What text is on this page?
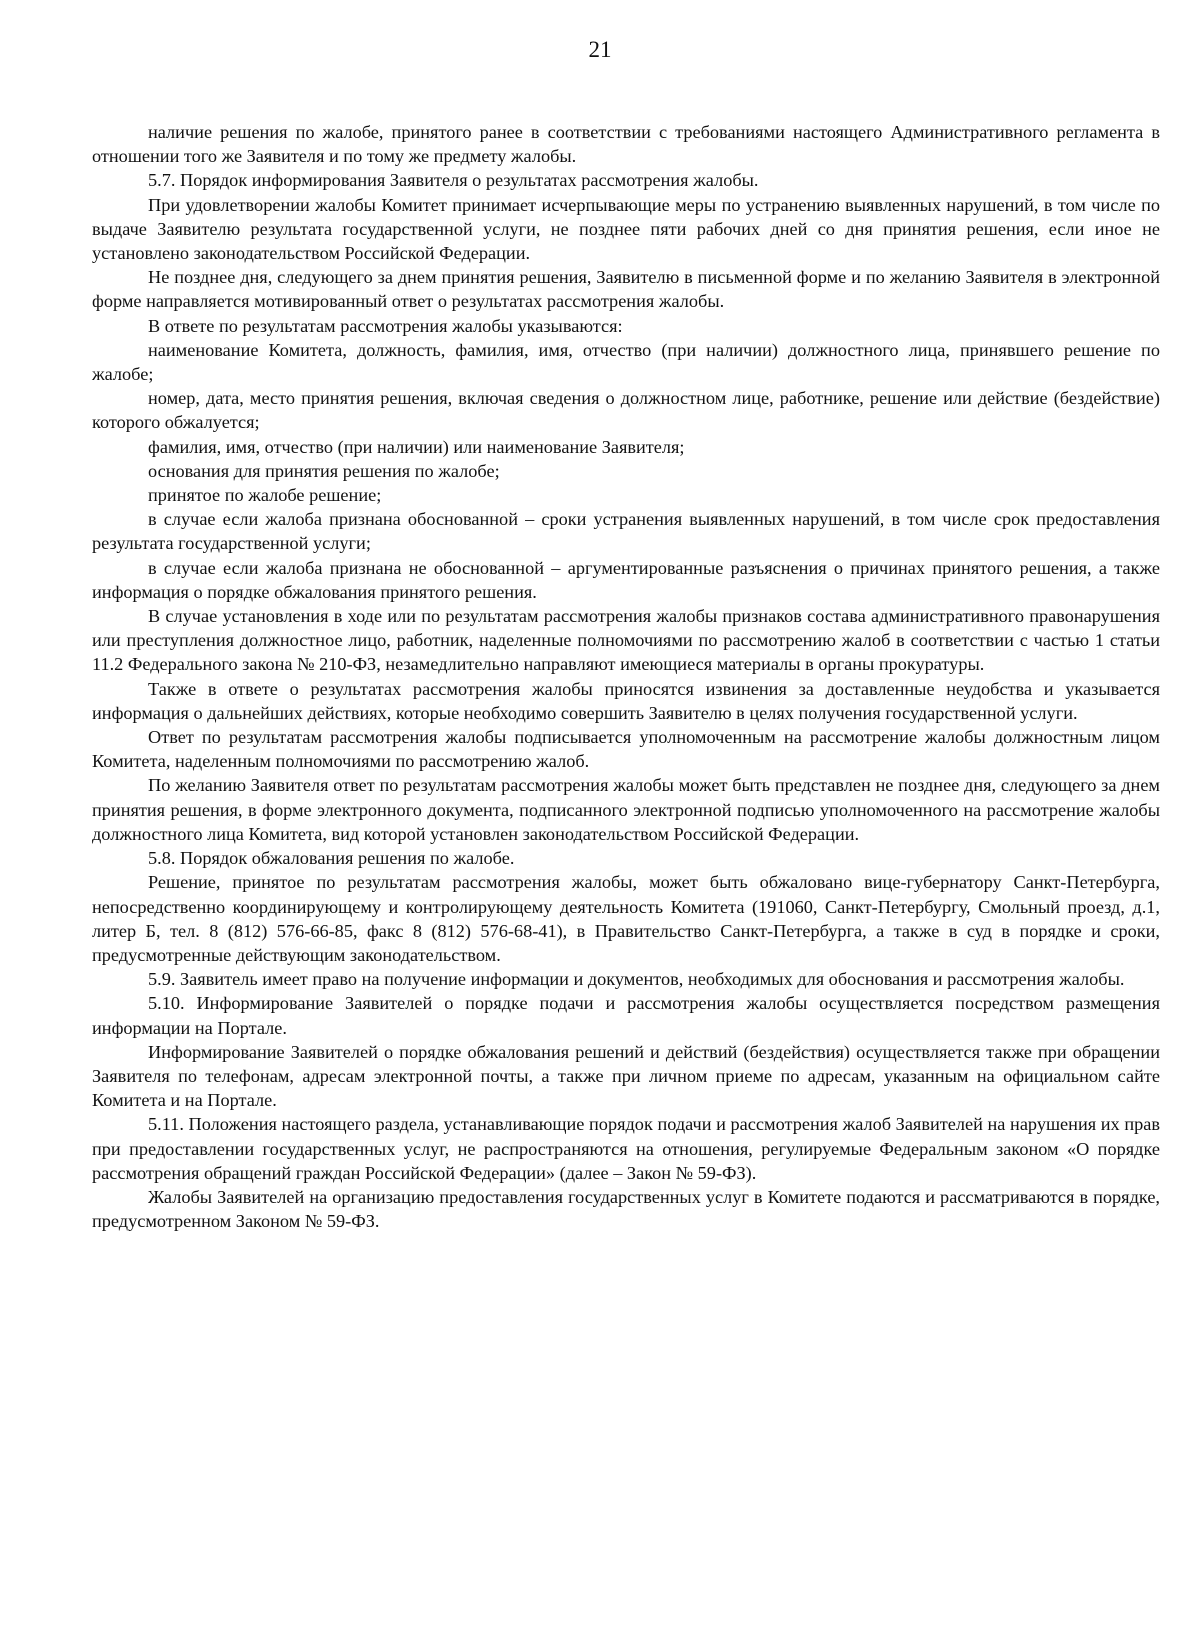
21

наличие решения по жалобе, принятого ранее в соответствии с требованиями настоящего Административного регламента в отношении того же Заявителя и по тому же предмету жалобы.

5.7. Порядок информирования Заявителя о результатах рассмотрения жалобы.

При удовлетворении жалобы Комитет принимает исчерпывающие меры по устранению выявленных нарушений, в том числе по выдаче Заявителю результата государственной услуги, не позднее пяти рабочих дней со дня принятия решения, если иное не установлено законодательством Российской Федерации.

Не позднее дня, следующего за днем принятия решения, Заявителю в письменной форме и по желанию Заявителя в электронной форме направляется мотивированный ответ о результатах рассмотрения жалобы.

В ответе по результатам рассмотрения жалобы указываются:

наименование Комитета, должность, фамилия, имя, отчество (при наличии) должностного лица, принявшего решение по жалобе;

номер, дата, место принятия решения, включая сведения о должностном лице, работнике, решение или действие (бездействие) которого обжалуется;

фамилия, имя, отчество (при наличии) или наименование Заявителя;

основания для принятия решения по жалобе;

принятое по жалобе решение;

в случае если жалоба признана обоснованной – сроки устранения выявленных нарушений, в том числе срок предоставления результата государственной услуги;

в случае если жалоба признана не обоснованной – аргументированные разъяснения о причинах принятого решения, а также информация о порядке обжалования принятого решения.

В случае установления в ходе или по результатам рассмотрения жалобы признаков состава административного правонарушения или преступления должностное лицо, работник, наделенные полномочиями по рассмотрению жалоб в соответствии с частью 1 статьи 11.2 Федерального закона № 210-ФЗ, незамедлительно направляют имеющиеся материалы в органы прокуратуры.

Также в ответе о результатах рассмотрения жалобы приносятся извинения за доставленные неудобства и указывается информация о дальнейших действиях, которые необходимо совершить Заявителю в целях получения государственной услуги.

Ответ по результатам рассмотрения жалобы подписывается уполномоченным на рассмотрение жалобы должностным лицом Комитета, наделенным полномочиями по рассмотрению жалоб.

По желанию Заявителя ответ по результатам рассмотрения жалобы может быть представлен не позднее дня, следующего за днем принятия решения, в форме электронного документа, подписанного электронной подписью уполномоченного на рассмотрение жалобы должностного лица Комитета, вид которой установлен законодательством Российской Федерации.

5.8. Порядок обжалования решения по жалобе.

Решение, принятое по результатам рассмотрения жалобы, может быть обжаловано вице-губернатору Санкт-Петербурга, непосредственно координирующему и контролирующему деятельность Комитета (191060, Санкт-Петербургу, Смольный проезд, д.1, литер Б, тел. 8 (812) 576-66-85, факс 8 (812) 576-68-41), в Правительство Санкт-Петербурга, а также в суд в порядке и сроки, предусмотренные действующим законодательством.

5.9. Заявитель имеет право на получение информации и документов, необходимых для обоснования и рассмотрения жалобы.

5.10. Информирование Заявителей о порядке подачи и рассмотрения жалобы осуществляется посредством размещения информации на Портале.

Информирование Заявителей о порядке обжалования решений и действий (бездействия) осуществляется также при обращении Заявителя по телефонам, адресам электронной почты, а также при личном приеме по адресам, указанным на официальном сайте Комитета и на Портале.

5.11. Положения настоящего раздела, устанавливающие порядок подачи и рассмотрения жалоб Заявителей на нарушения их прав при предоставлении государственных услуг, не распространяются на отношения, регулируемые Федеральным законом «О порядке рассмотрения обращений граждан Российской Федерации» (далее – Закон № 59-ФЗ).

Жалобы Заявителей на организацию предоставления государственных услуг в Комитете подаются и рассматриваются в порядке, предусмотренном Законом № 59-ФЗ.
